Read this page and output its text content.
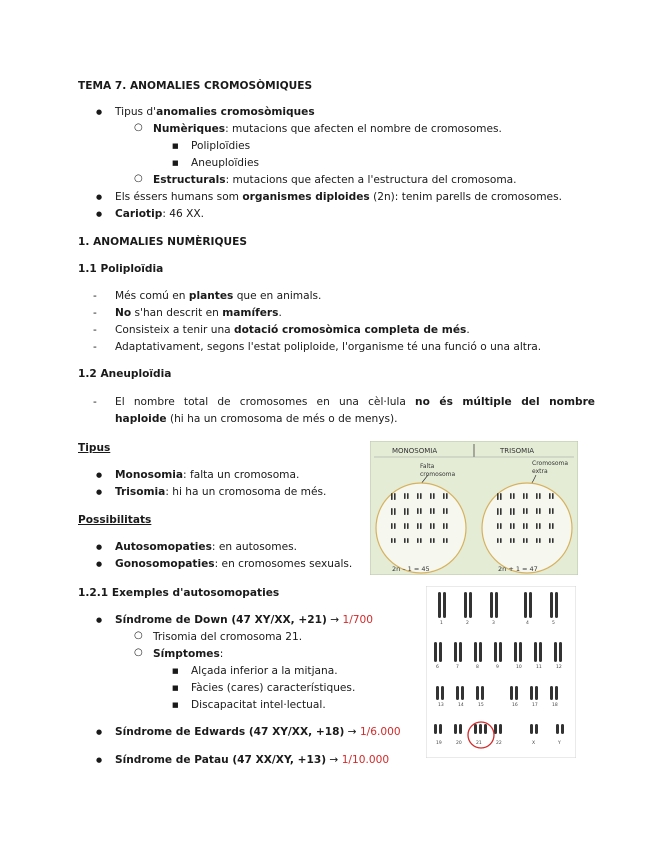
TEMA 7. ANOMALIES CROMOSÒMIQUES
● Tipus d'anomalies cromosòmiques
○ Numèriques: mutacions que afecten el nombre de cromosomes.
■ Poliploïdies
■ Aneuploïdies
○ Estructurals: mutacions que afecten a l'estructura del cromosoma.
● Els éssers humans som organismes diploides (2n): tenim parells de cromosomes.
● Cariotip: 46 XX.
1. ANOMALIES NUMÈRIQUES
1.1 Poliploïdia
- Més comú en plantes que en animals.
- No s'han descrit en mamífers.
- Consisteix a tenir una dotació cromosòmica completa de més.
- Adaptativament, segons l'estat poliploide, l'organisme té una funció o una altra.
1.2 Aneuploïdia
- El nombre total de cromosomes en una cèl·lula no és múltiple del nombre
haploide (hi ha un cromosoma de més o de menys).
Tipus
● Monosomia: falta un cromosoma.
● Trisomia: hi ha un cromosoma de més.
Possibilitats
● Autosomopaties: en autosomes.
● Gonosomopaties: en cromosomes sexuals.
MONOSOMIA	TRISOMIA
Falta cromosoma
Cromosoma extra
2n – 1 = 45	2n + 1 = 47
1.2.1 Exemples d'autosomopaties
● Síndrome de Down (47 XY/XX, +21) → 1/700
○ Trisomia del cromosoma 21.
○ Símptomes:
■ Alçada inferior a la mitjana.
■ Fàcies (cares) característiques.
■ Discapacitat intel·lectual.
● Síndrome de Edwards (47 XY/XX, +18) → 1/6.000
● Síndrome de Patau (47 XX/XY, +13) → 1/10.000
1	2	3	4	5
6	7	8	9	10	11	12
13	14	15	16	17	18
19	20	21	22	X	Y
